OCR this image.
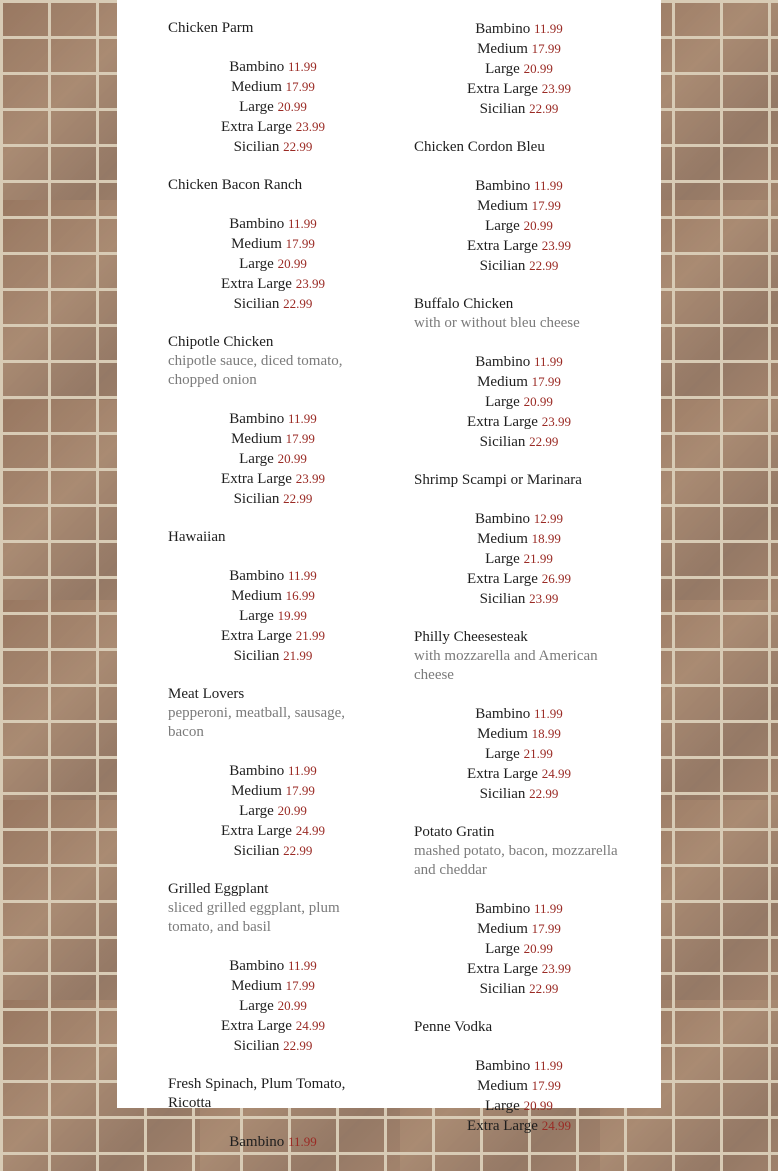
Chicken Parm

Bambino 11.99
Medium 17.99
Large 20.99
Extra Large 23.99
Sicilian 22.99

Chicken Bacon Ranch

Bambino 11.99
Medium 17.99
Large 20.99
Extra Large 23.99
Sicilian 22.99

Chipotle Chicken

chipotle sauce, diced tomato, chopped onion

Bambino 11.99
Medium 17.99
Large 20.99
Extra Large 23.99
Sicilian 22.99

Hawaiian

Bambino 11.99
Medium 16.99
Large 19.99
Extra Large 21.99
Sicilian 21.99

Meat Lovers

pepperoni, meatball, sausage, bacon

Bambino 11.99
Medium 17.99
Large 20.99
Extra Large 24.99
Sicilian 22.99

Grilled Eggplant

sliced grilled eggplant, plum tomato, and basil

Bambino 11.99
Medium 17.99
Large 20.99
Extra Large 24.99
Sicilian 22.99

Fresh Spinach, Plum Tomato, Ricotta

Bambino 11.99
Bambino 11.99
Medium 17.99
Large 20.99
Extra Large 23.99
Sicilian 22.99

Chicken Cordon Bleu

Bambino 11.99
Medium 17.99
Large 20.99
Extra Large 23.99
Sicilian 22.99

Buffalo Chicken

with or without bleu cheese

Bambino 11.99
Medium 17.99
Large 20.99
Extra Large 23.99
Sicilian 22.99

Shrimp Scampi or Marinara

Bambino 12.99
Medium 18.99
Large 21.99
Extra Large 26.99
Sicilian 23.99

Philly Cheesesteak

with mozzarella and American cheese

Bambino 11.99
Medium 18.99
Large 21.99
Extra Large 24.99
Sicilian 22.99

Potato Gratin

mashed potato, bacon, mozzarella and cheddar

Bambino 11.99
Medium 17.99
Large 20.99
Extra Large 23.99
Sicilian 22.99

Penne Vodka

Bambino 11.99
Medium 17.99
Large 20.99
Extra Large 24.99
